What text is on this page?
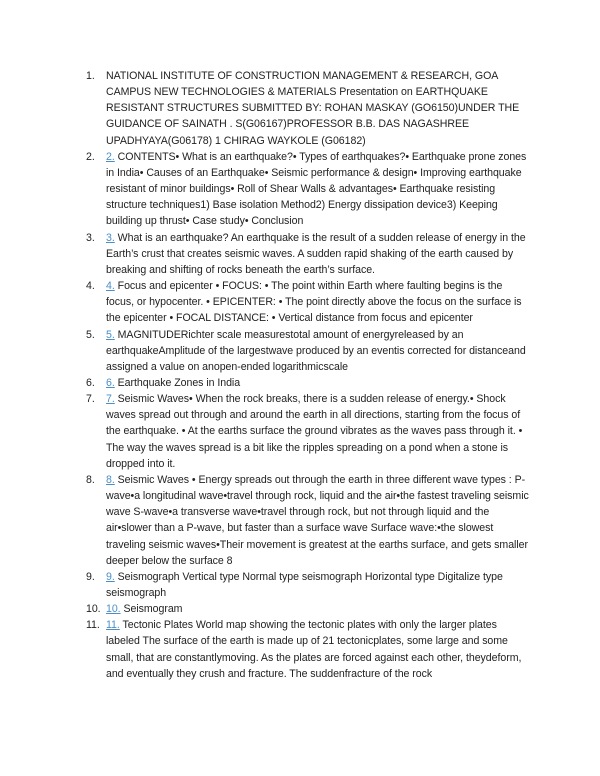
1.	NATIONAL INSTITUTE OF CONSTRUCTION MANAGEMENT & RESEARCH, GOA CAMPUS NEW TECHNOLOGIES & MATERIALS Presentation on EARTHQUAKE RESISTANT STRUCTURES SUBMITTED BY: ROHAN MASKAY (GO6150)UNDER THE GUIDANCE OF SAINATH . S(G06167)PROFESSOR B.B. DAS NAGASHREE UPADHYAYA(G06178) 1 CHIRAG WAYKOLE (G06182)
2.	2. CONTENTS• What is an earthquake?• Types of earthquakes?• Earthquake prone zones in India• Causes of an Earthquake• Seismic performance & design• Improving earthquake resistant of minor buildings• Roll of Shear Walls & advantages• Earthquake resisting structure techniques1) Base isolation Method2) Energy dissipation device3) Keeping building up thrust• Case study• Conclusion
3.	3. What is an earthquake? An earthquake is the result of a sudden release of energy in the Earth’s crust that creates seismic waves. A sudden rapid shaking of the earth caused by breaking and shifting of rocks beneath the earth’s surface.
4.	4. Focus and epicenter • FOCUS: • The point within Earth where faulting begins is the focus, or hypocenter. • EPICENTER: • The point directly above the focus on the surface is the epicenter • FOCAL DISTANCE: • Vertical distance from focus and epicenter
5.	5. MAGNITUDERichter scale measurestotal amount of energyreleased by an earthquakeAmplitude of the largestwave produced by an eventis corrected for distanceand assigned a value on anopen-ended logarithmicscale
6.	6. Earthquake Zones in India
7.	7. Seismic Waves• When the rock breaks, there is a sudden release of energy.• Shock waves spread out through and around the earth in all directions, starting from the focus of the earthquake. • At the earths surface the ground vibrates as the waves pass through it. • The way the waves spread is a bit like the ripples spreading on a pond when a stone is dropped into it.
8.	8. Seismic Waves • Energy spreads out through the earth in three different wave types : P-wave•a longitudinal wave•travel through rock, liquid and the air•the fastest traveling seismic wave S-wave•a transverse wave•travel through rock, but not through liquid and the air•slower than a P-wave, but faster than a surface wave Surface wave:•the slowest traveling seismic waves•Their movement is greatest at the earths surface, and gets smaller deeper below the surface 8
9.	9. Seismograph Vertical type Normal type seismograph Horizontal type Digitalize type seismograph
10. 10. Seismogram
11. 11. Tectonic Plates World map showing the tectonic plates with only the larger plates labeled The surface of the earth is made up of 21 tectonicplates, some large and some small, that are constantlymoving. As the plates are forced against each other, theydeform, and eventually they crush and fracture. The suddenfracture of the rock
